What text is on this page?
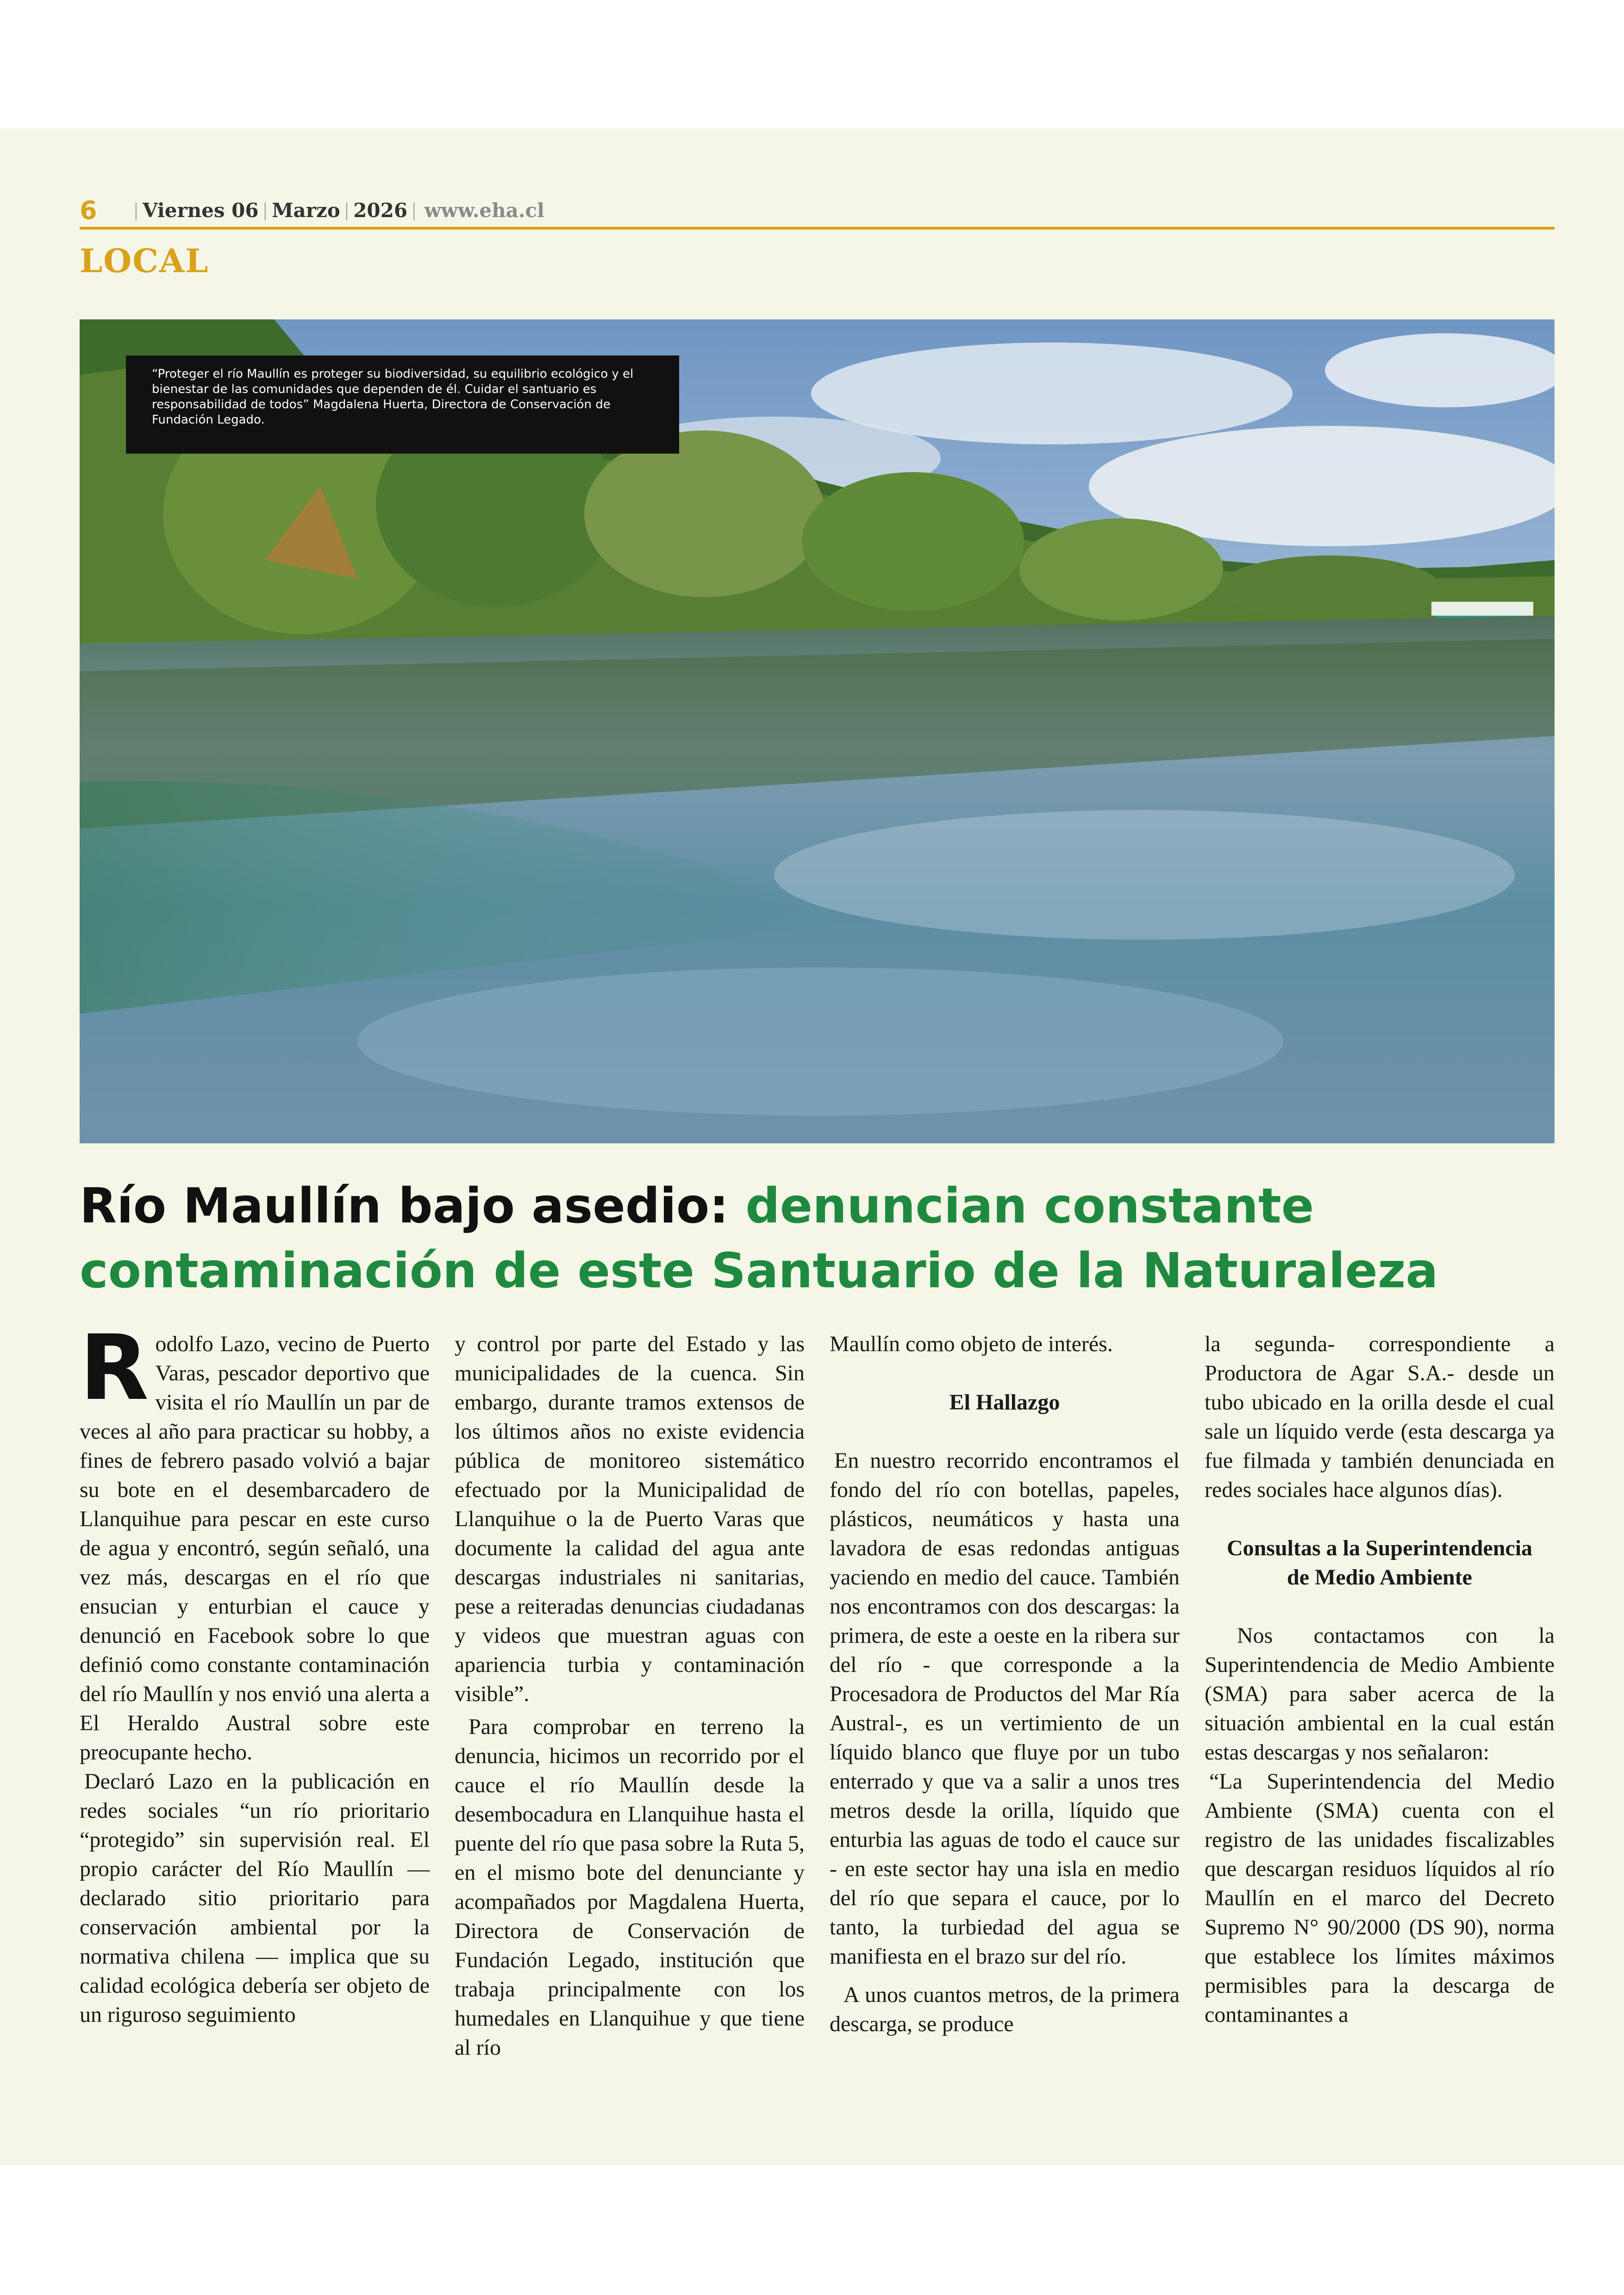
6 | Viernes 06 | Marzo | 2026 | www.eha.cl
LOCAL
“Proteger el río Maullín es proteger su biodiversidad, su equilibrio ecológico y el bienestar de las comunidades que dependen de él. Cuidar el santuario es responsabilidad de todos” Magdalena Huerta, Directora de Conservación de Fundación Legado.
Río Maullín bajo asedio: denuncian constante contaminación de este Santuario de la Naturaleza

Rodolfo Lazo, vecino de Puerto Varas, pescador deportivo que visita el río Maullín un par de veces al año para practicar su hobby, a fines de febrero pasado volvió a bajar su bote en el desembarcadero de Llanquihue para pescar en este curso de agua y encontró, según señaló, una vez más, descargas en el río que ensucian y enturbian el cauce y denunció en Facebook sobre lo que definió como constante contaminación del río Maullín y nos envió una alerta a El Heraldo Austral sobre este preocupante hecho.

Declaró Lazo en la publicación en redes sociales “un río prioritario “protegido” sin supervisión real. El propio carácter del Río Maullín — declarado sitio prioritario para conservación ambiental por la normativa chilena — implica que su calidad ecológica debería ser objeto de un riguroso seguimiento

y control por parte del Estado y las municipalidades de la cuenca. Sin embargo, durante tramos extensos de los últimos años no existe evidencia pública de monitoreo sistemático efectuado por la Municipalidad de Llanquihue o la de Puerto Varas que documente la calidad del agua ante descargas industriales ni sanitarias, pese a reiteradas denuncias ciudadanas y videos que muestran aguas con apariencia turbia y contaminación visible”.

Para comprobar en terreno la denuncia, hicimos un recorrido por el cauce el río Maullín desde la desembocadura en Llanquihue hasta el puente del río que pasa sobre la Ruta 5, en el mismo bote del denunciante y acompañados por Magdalena Huerta, Directora de Conservación de Fundación Legado, institución que trabaja principalmente con los humedales en Llanquihue y que tiene al río

Maullín como objeto de interés.

El Hallazgo

En nuestro recorrido encontramos el fondo del río con botellas, papeles, plásticos, neumáticos y hasta una lavadora de esas redondas antiguas yaciendo en medio del cauce. También nos encontramos con dos descargas: la primera, de este a oeste en la ribera sur del río - que corresponde a la Procesadora de Productos del Mar Ría Austral-, es un vertimiento de un líquido blanco que fluye por un tubo enterrado y que va a salir a unos tres metros desde la orilla, líquido que enturbia las aguas de todo el cauce sur - en este sector hay una isla en medio del río que separa el cauce, por lo tanto, la turbiedad del agua se manifiesta en el brazo sur del río.

A unos cuantos metros, de la primera descarga, se produce

la segunda- correspondiente a Productora de Agar S.A.- desde un tubo ubicado en la orilla desde el cual sale un líquido verde (esta descarga ya fue filmada y también denunciada en redes sociales hace algunos días).

Consultas a la Superintendencia de Medio Ambiente

Nos contactamos con la Superintendencia de Medio Ambiente (SMA) para saber acerca de la situación ambiental en la cual están estas descargas y nos señalaron:

“La Superintendencia del Medio Ambiente (SMA) cuenta con el registro de las unidades fiscalizables que descargan residuos líquidos al río Maullín en el marco del Decreto Supremo N° 90/2000 (DS 90), norma que establece los límites máximos permisibles para la descarga de contaminantes a
